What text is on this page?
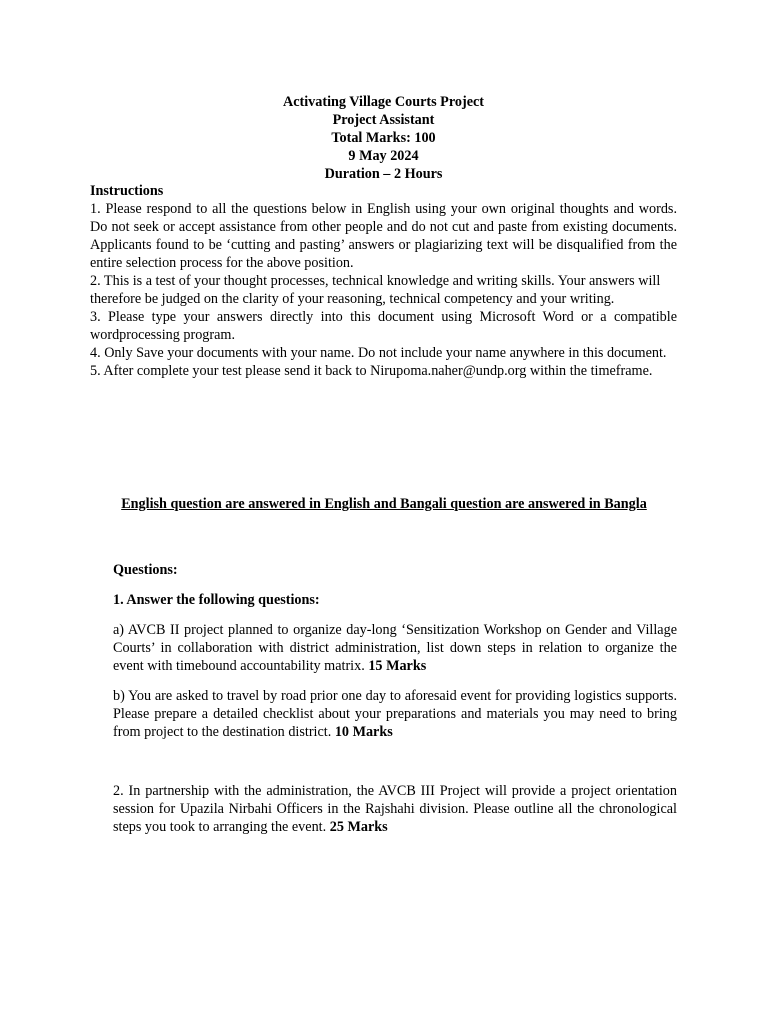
Activating Village Courts Project
Project Assistant
Total Marks: 100
9 May 2024
Duration – 2 Hours
Instructions

1. Please respond to all the questions below in English using your own original thoughts and words. Do not seek or accept assistance from other people and do not cut and paste from existing documents. Applicants found to be ‘cutting and pasting’ answers or plagiarizing text will be disqualified from the entire selection process for the above position.

2. This is a test of your thought processes, technical knowledge and writing skills. Your answers will

therefore be judged on the clarity of your reasoning, technical competency and your writing.

3. Please type your answers directly into this document using Microsoft Word or a compatible wordprocessing program.

4. Only Save your documents with your name. Do not include your name anywhere in this document.

5. After complete your test please send it back to Nirupoma.naher@undp.org within the timeframe.

English question are answered in English and Bangali question are answered in Bangla

Questions:

1. Answer the following questions:

a) AVCB II project planned to organize day-long ‘Sensitization Workshop on Gender and Village Courts’ in collaboration with district administration, list down steps in relation to organize the event with timebound accountability matrix. 15 Marks

b) You are asked to travel by road prior one day to aforesaid event for providing logistics supports. Please prepare a detailed checklist about your preparations and materials you may need to bring from project to the destination district. 10 Marks

2. In partnership with the administration, the AVCB III Project will provide a project orientation session for Upazila Nirbahi Officers in the Rajshahi division. Please outline all the chronological steps you took to arranging the event. 25 Marks
